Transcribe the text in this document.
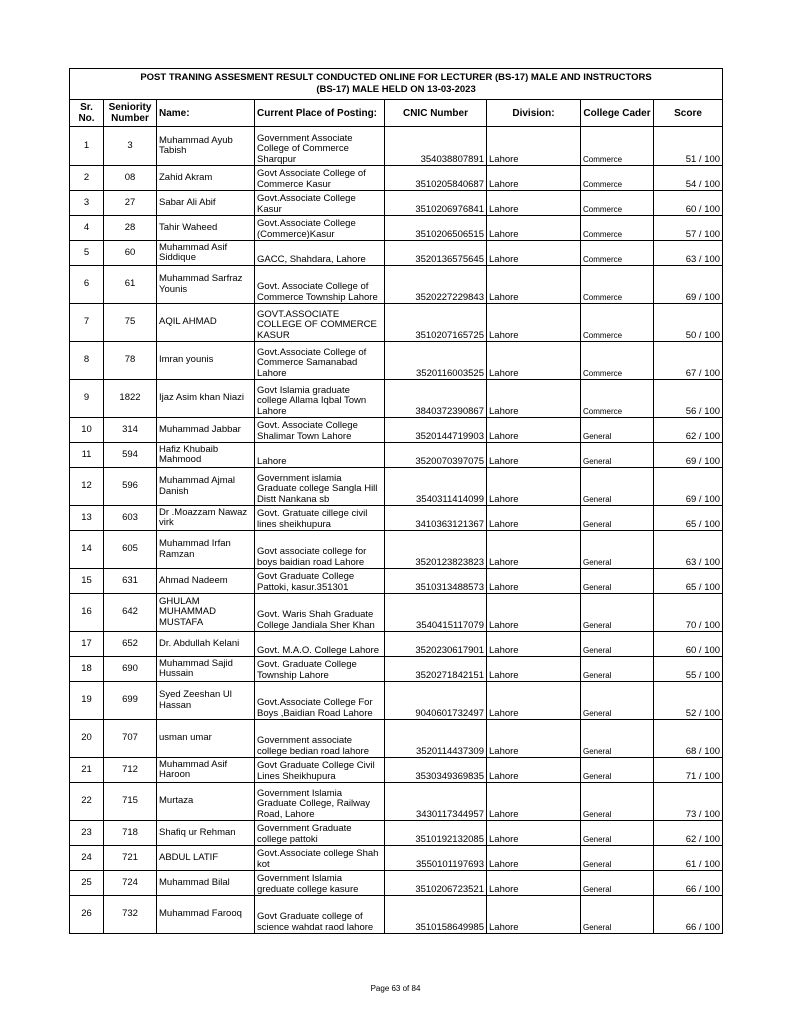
POST TRANING ASSESMENT RESULT CONDUCTED ONLINE FOR LECTURER (BS-17) MALE AND INSTRUCTORS
(BS-17) MALE HELD ON 13-03-2023							

Sr. No.	Seniority Number	Name:	Current Place of Posting:	CNIC Number	Division:	College Cader	Score
1	3	Muhammad Ayub Tabish	Government Associate College of Commerce Sharqpur	354038807891	Lahore	Commerce	51 / 100
2	08	Zahid Akram	Govt Associate College of Commerce Kasur	3510205840687	Lahore	Commerce	54 / 100
3	27	Sabar Ali Abif	Govt.Associate College Kasur	3510206976841	Lahore	Commerce	60 / 100
4	28	Tahir Waheed	Govt.Associate College (Commerce)Kasur	3510206506515	Lahore	Commerce	57 / 100
5	60	Muhammad Asif Siddique	GACC, Shahdara, Lahore	3520136575645	Lahore	Commerce	63 / 100
6	61	Muhammad Sarfraz Younis	Govt. Associate College of Commerce Township Lahore	3520227229843	Lahore	Commerce	69 / 100
7	75	AQIL AHMAD	GOVT.ASSOCIATE COLLEGE OF COMMERCE KASUR	3510207165725	Lahore	Commerce	50 / 100
8	78	Imran younis	Govt.Associate College of Commerce Samanabad Lahore	3520116003525	Lahore	Commerce	67 / 100
9	1822	Ijaz Asim khan Niazi	Govt Islamia graduate college Allama Iqbal Town Lahore	3840372390867	Lahore	Commerce	56 / 100
10	314	Muhammad Jabbar	Govt. Associate College Shalimar Town Lahore	3520144719903	Lahore	General	62 / 100
11	594	Hafiz Khubaib Mahmood	Lahore	3520070397075	Lahore	General	69 / 100
12	596	Muhammad Ajmal Danish	Government islamia Graduate college Sangla Hill Distt Nankana sb	3540311414099	Lahore	General	69 / 100
13	603	Dr .Moazzam Nawaz virk	Govt. Gratuate cillege civil lines sheikhupura	3410363121367	Lahore	General	65 / 100
14	605	Muhammad Irfan Ramzan	Govt associate college for boys baidian road Lahore	3520123823823	Lahore	General	63 / 100
15	631	Ahmad Nadeem	Govt Graduate College Pattoki, kasur.351301	3510313488573	Lahore	General	65 / 100
16	642	GHULAM MUHAMMAD MUSTAFA	Govt. Waris Shah Graduate College Jandiala Sher Khan	3540415117079	Lahore	General	70 / 100
17	652	Dr. Abdullah Kelani	Govt. M.A.O. College Lahore	3520230617901	Lahore	General	60 / 100
18	690	Muhammad Sajid Hussain	Govt. Graduate College Township Lahore	3520271842151	Lahore	General	55 / 100
19	699	Syed Zeeshan Ul Hassan	Govt.Associate College For Boys ,Baidian Road Lahore	9040601732497	Lahore	General	52 / 100
20	707	usman umar	Government associate college bedian road lahore	3520114437309	Lahore	General	68 / 100
21	712	Muhammad Asif Haroon	Govt Graduate College Civil Lines Sheikhupura	3530349369835	Lahore	General	71 / 100
22	715	Murtaza	Government Islamia Graduate College, Railway Road, Lahore	3430117344957	Lahore	General	73 / 100
23	718	Shafiq ur Rehman	Government Graduate college pattoki	3510192132085	Lahore	General	62 / 100
24	721	ABDUL LATIF	Govt.Associate college Shah kot	3550101197693	Lahore	General	61 / 100
25	724	Muhammad Bilal	Government Islamia greduate college kasure	3510206723521	Lahore	General	66 / 100
26	732	Muhammad Farooq	Govt Graduate college of science wahdat raod lahore	3510158649985	Lahore	General	66 / 100
Page 63 of 84
